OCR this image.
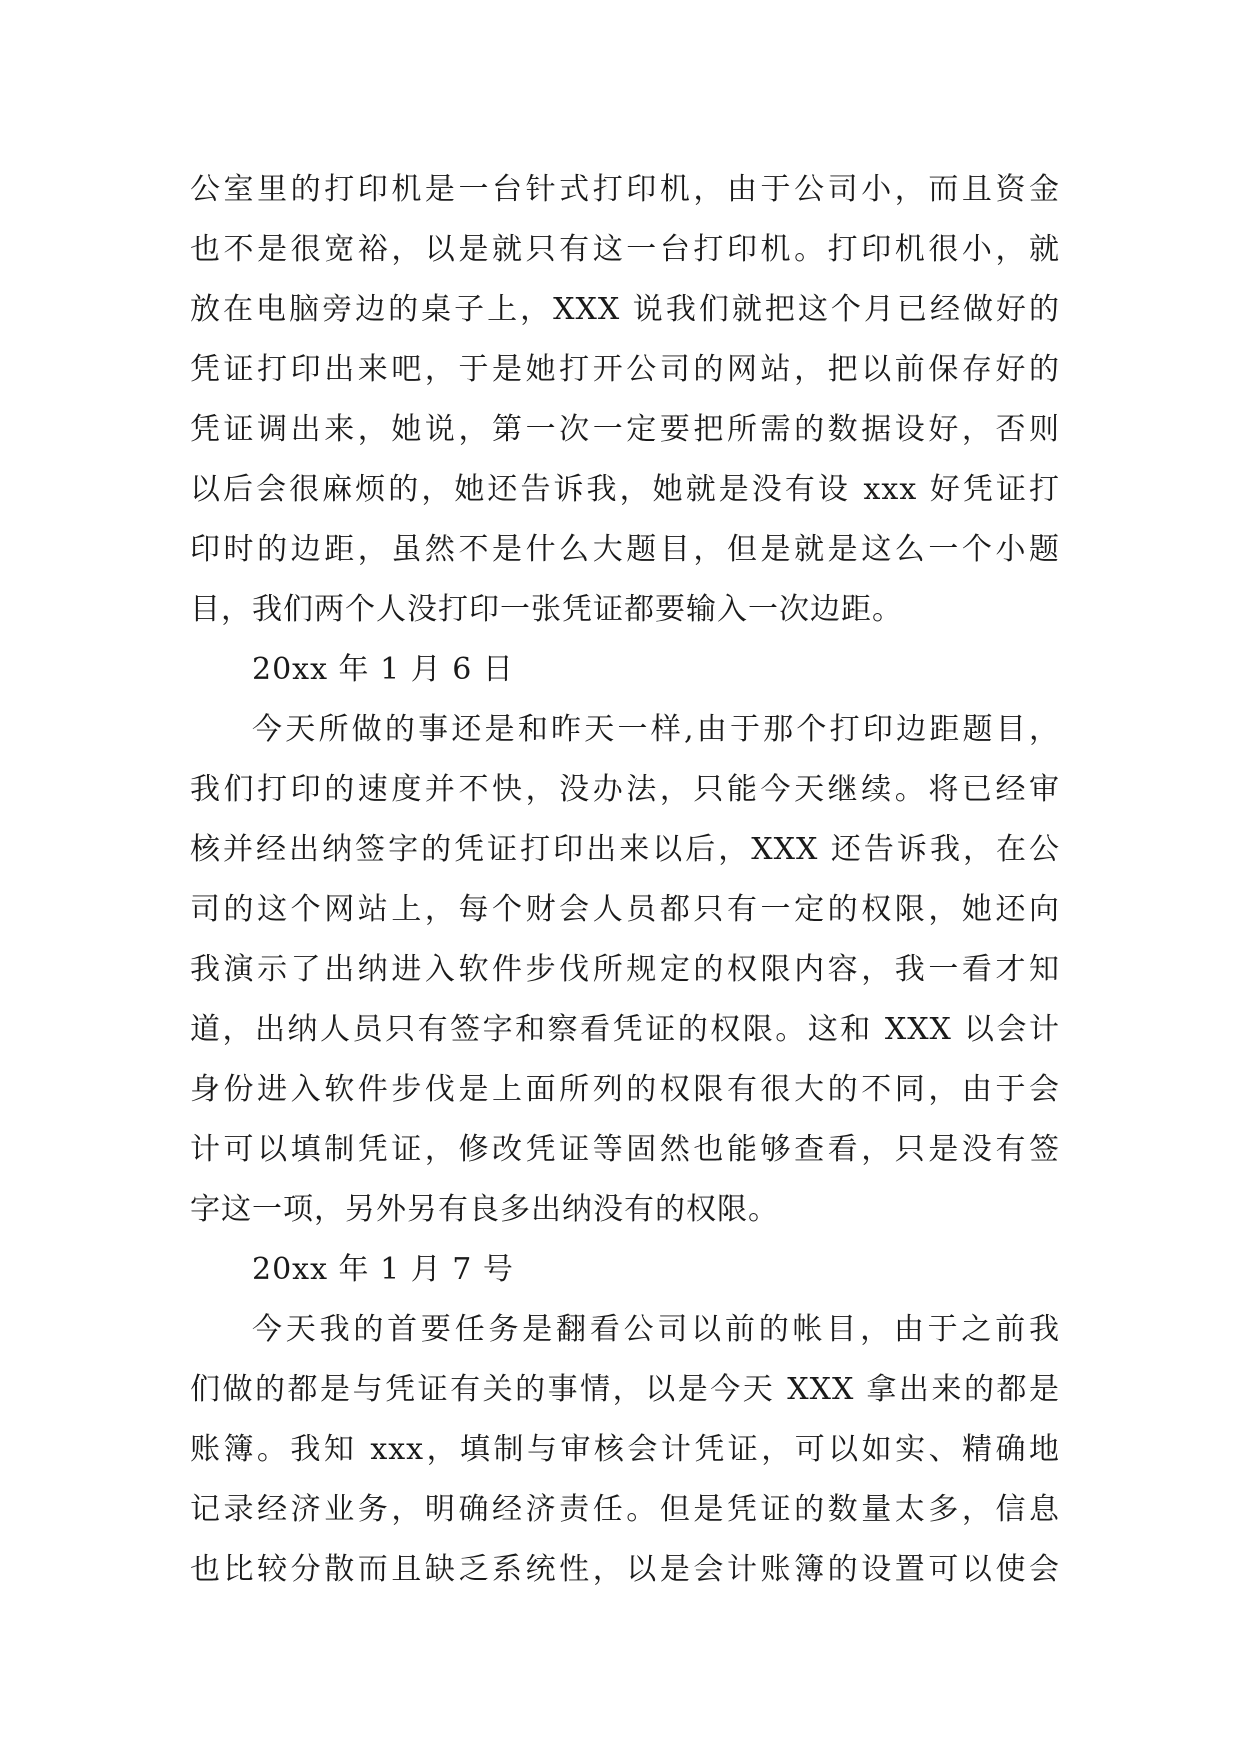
公室里的打印机是一台针式打印机，由于公司小，而且资金
也不是很宽裕，以是就只有这一台打印机。打印机很小，就
放在电脑旁边的桌子上，XXX 说我们就把这个月已经做好的
凭证打印出来吧，于是她打开公司的网站，把以前保存好的
凭证调出来，她说，第一次一定要把所需的数据设好，否则
以后会很麻烦的，她还告诉我，她就是没有设 xxx 好凭证打
印时的边距，虽然不是什么大题目，但是就是这么一个小题
目，我们两个人没打印一张凭证都要输入一次边距。
20xx 年 1 月 6 日
今天所做的事还是和昨天一样,由于那个打印边距题目，
我们打印的速度并不快，没办法，只能今天继续。将已经审
核并经出纳签字的凭证打印出来以后，XXX 还告诉我，在公
司的这个网站上，每个财会人员都只有一定的权限，她还向
我演示了出纳进入软件步伐所规定的权限内容，我一看才知
道，出纳人员只有签字和察看凭证的权限。这和 XXX 以会计
身份进入软件步伐是上面所列的权限有很大的不同，由于会
计可以填制凭证，修改凭证等固然也能够查看，只是没有签
字这一项，另外另有良多出纳没有的权限。
20xx 年 1 月 7 号
今天我的首要任务是翻看公司以前的帐目，由于之前我
们做的都是与凭证有关的事情，以是今天 XXX 拿出来的都是
账簿。我知 xxx，填制与审核会计凭证，可以如实、精确地
记录经济业务，明确经济责任。但是凭证的数量太多，信息
也比较分散而且缺乏系统性，以是会计账簿的设置可以使会
